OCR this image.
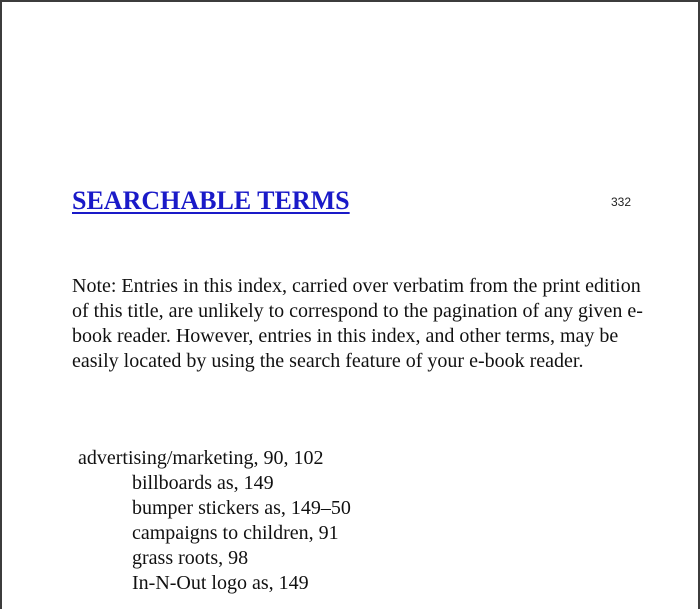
SEARCHABLE TERMS	332

Note: Entries in this index, carried over verbatim from the print edition of this title, are unlikely to correspond to the pagination of any given e-book reader. However, entries in this index, and other terms, may be easily located by using the search feature of your e-book reader.

advertising/marketing, 90, 102
billboards as, 149
bumper stickers as, 149–50
campaigns to children, 91
grass roots, 98
In-N-Out logo as, 149
